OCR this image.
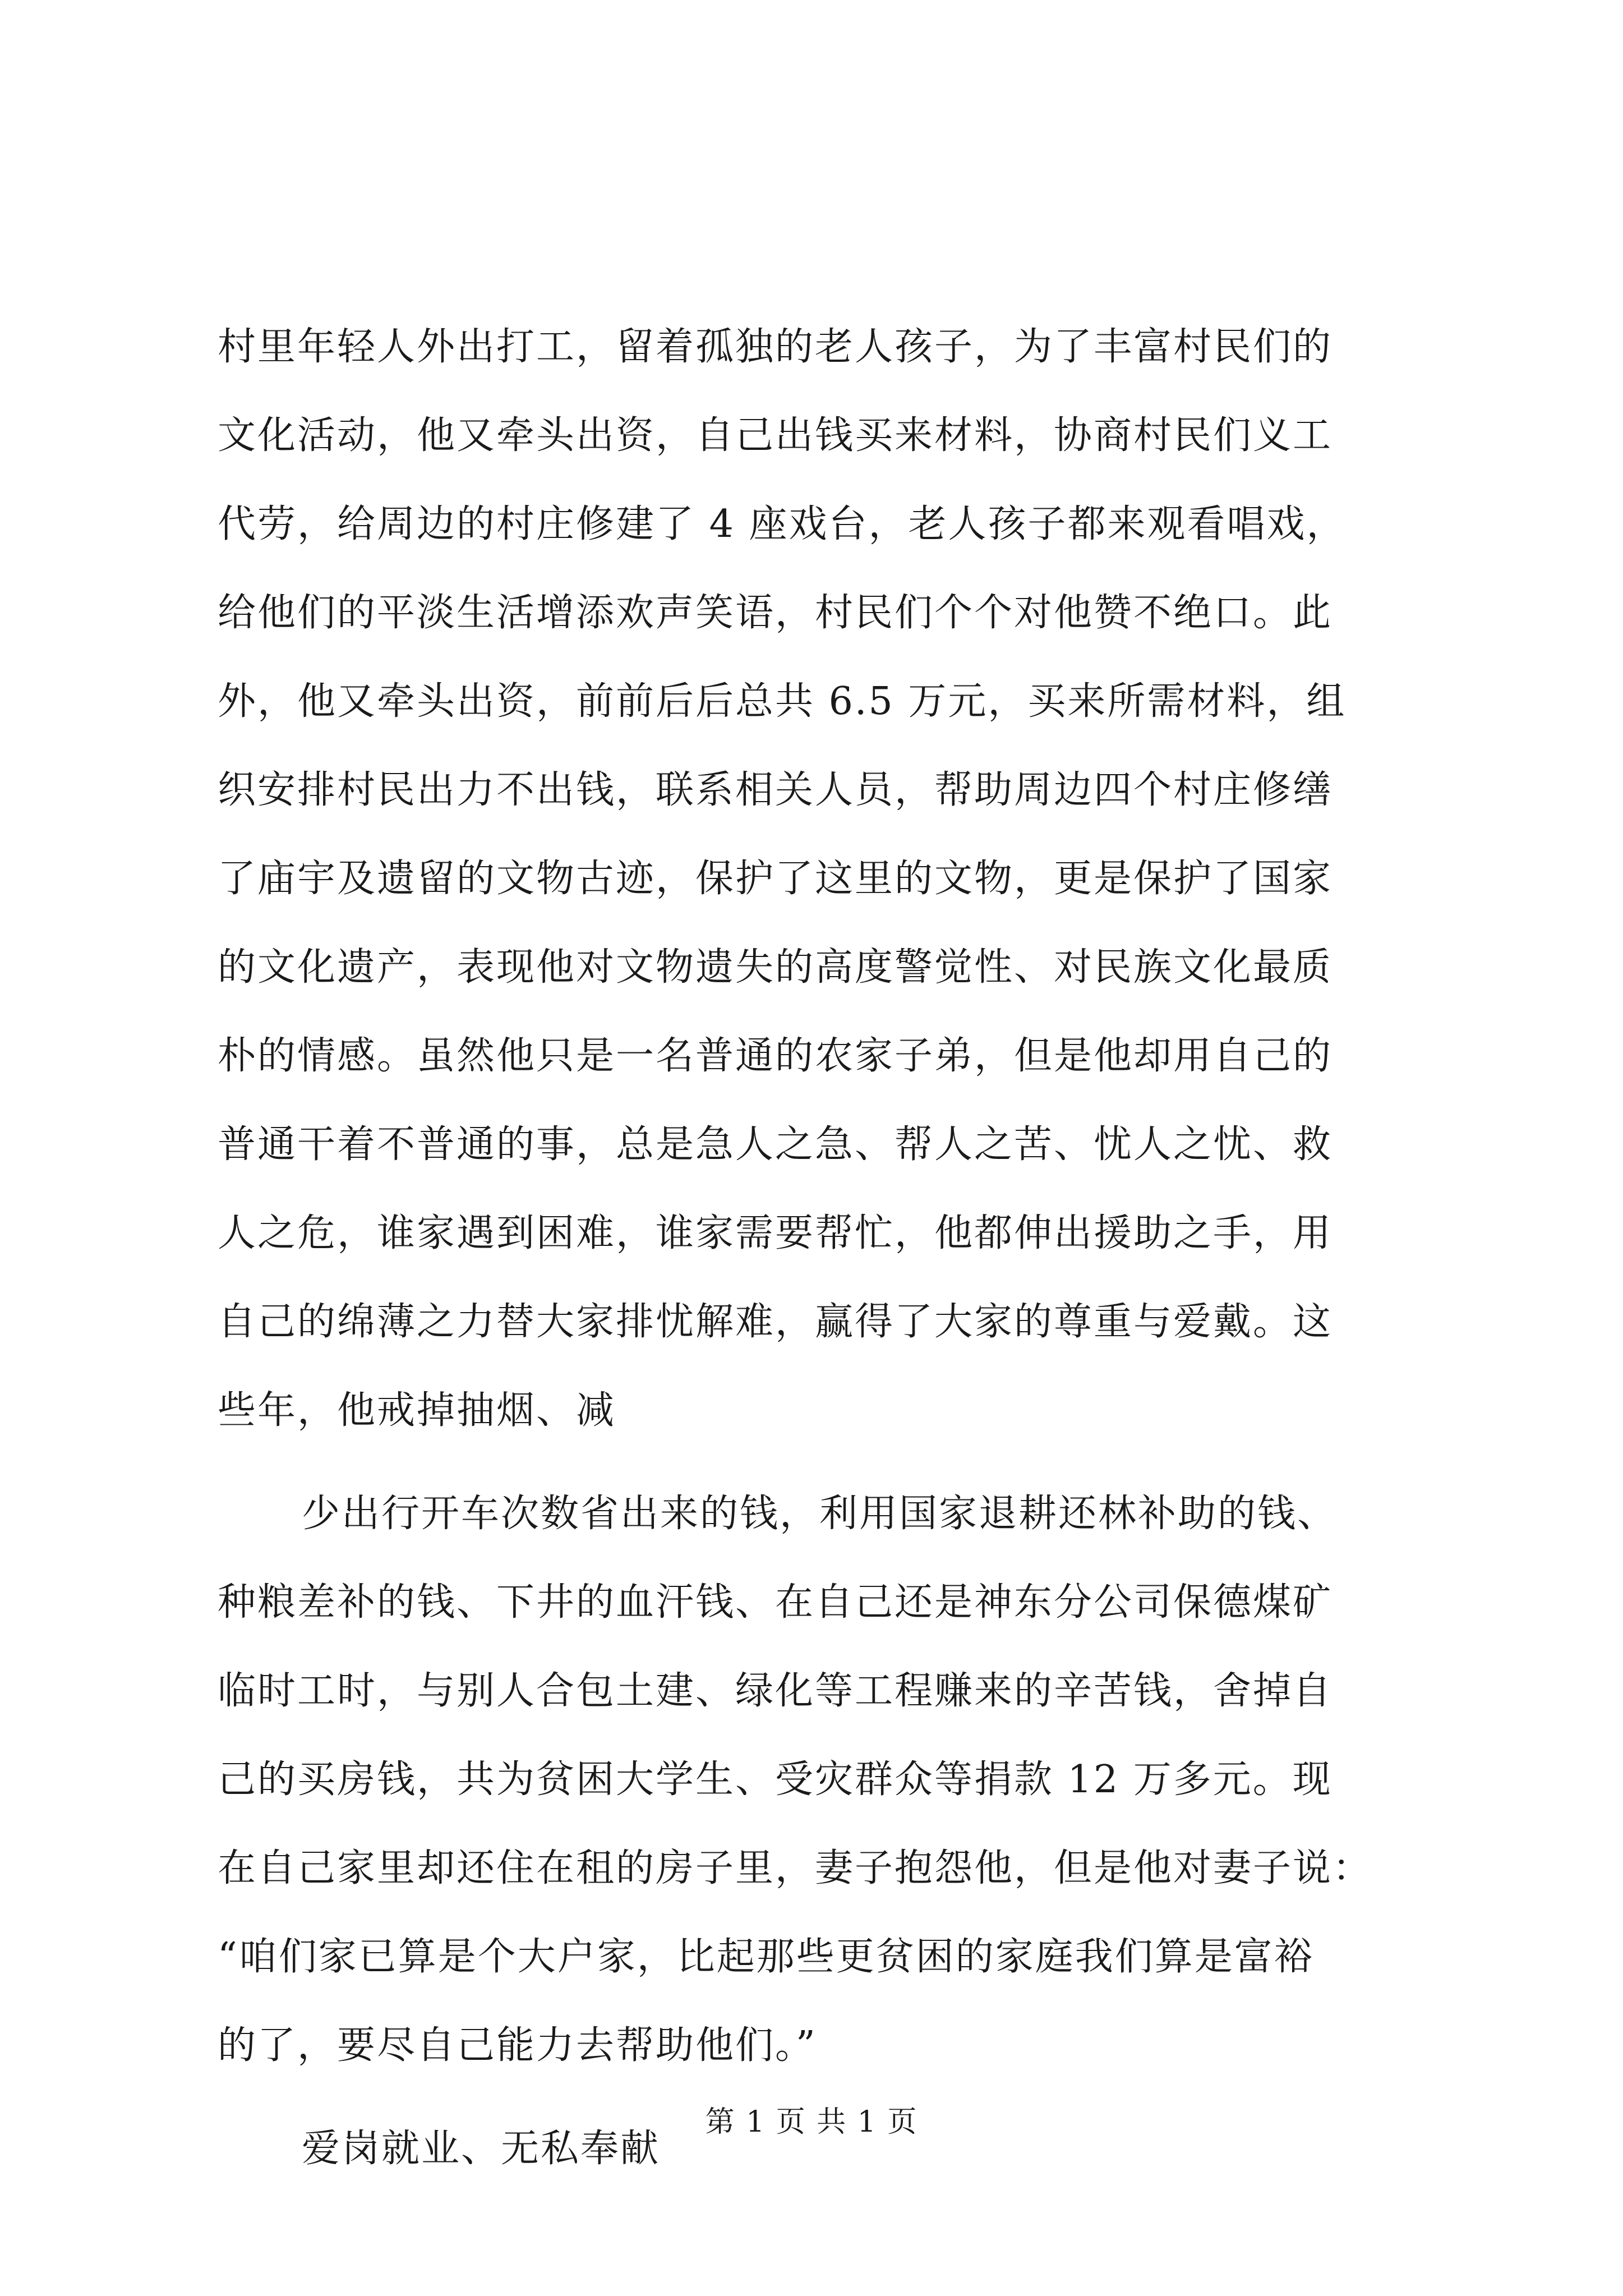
村里年轻人外出打工，留着孤独的老人孩子，为了丰富村民们的
文化活动，他又牵头出资，自己出钱买来材料，协商村民们义工
代劳，给周边的村庄修建了 4 座戏台，老人孩子都来观看唱戏，
给他们的平淡生活增添欢声笑语，村民们个个对他赞不绝口。此
外，他又牵头出资，前前后后总共 6.5 万元，买来所需材料，组
织安排村民出力不出钱，联系相关人员，帮助周边四个村庄修缮
了庙宇及遗留的文物古迹，保护了这里的文物，更是保护了国家
的文化遗产，表现他对文物遗失的高度警觉性、对民族文化最质
朴的情感。虽然他只是一名普通的农家子弟，但是他却用自己的
普通干着不普通的事，总是急人之急、帮人之苦、忧人之忧、救
人之危，谁家遇到困难，谁家需要帮忙，他都伸出援助之手，用
自己的绵薄之力替大家排忧解难，赢得了大家的尊重与爱戴。这
些年，他戒掉抽烟、减
少出行开车次数省出来的钱，利用国家退耕还林补助的钱、
种粮差补的钱、下井的血汗钱、在自己还是神东分公司保德煤矿
临时工时，与别人合包土建、绿化等工程赚来的辛苦钱，舍掉自
己的买房钱，共为贫困大学生、受灾群众等捐款 12 万多元。现
在自己家里却还住在租的房子里，妻子抱怨他，但是他对妻子说：
“咱们家已算是个大户家，比起那些更贫困的家庭我们算是富裕
的了，要尽自己能力去帮助他们。”
爱岗就业、无私奉献
第 1 页 共 1 页
